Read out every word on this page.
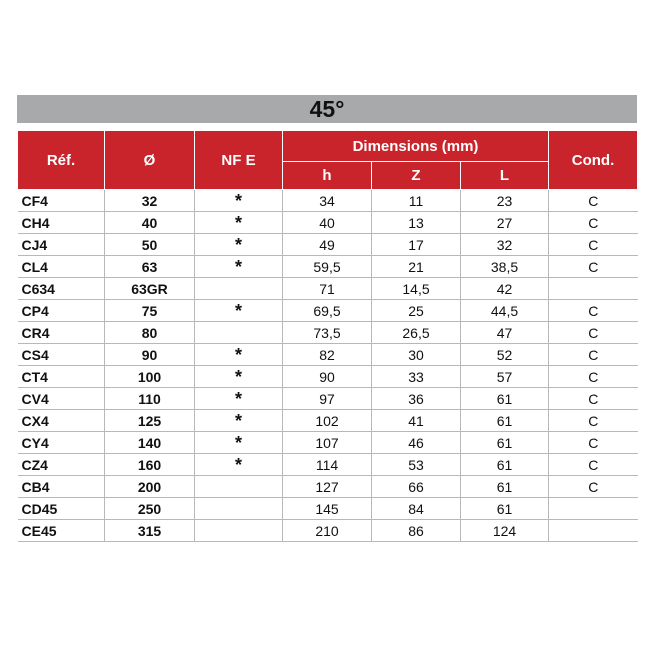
45°
Réf.	Ø	NF E	Dimensions (mm)			Cond.
			h	Z	L	
CF4	32	*	34	11	23	C
CH4	40	*	40	13	27	C
CJ4	50	*	49	17	32	C
CL4	63	*	59,5	21	38,5	C
C634	63GR		71	14,5	42	
CP4	75	*	69,5	25	44,5	C
CR4	80		73,5	26,5	47	C
CS4	90	*	82	30	52	C
CT4	100	*	90	33	57	C
CV4	110	*	97	36	61	C
CX4	125	*	102	41	61	C
CY4	140	*	107	46	61	C
CZ4	160	*	114	53	61	C
CB4	200		127	66	61	C
CD45	250		145	84	61	
CE45	315		210	86	124	
